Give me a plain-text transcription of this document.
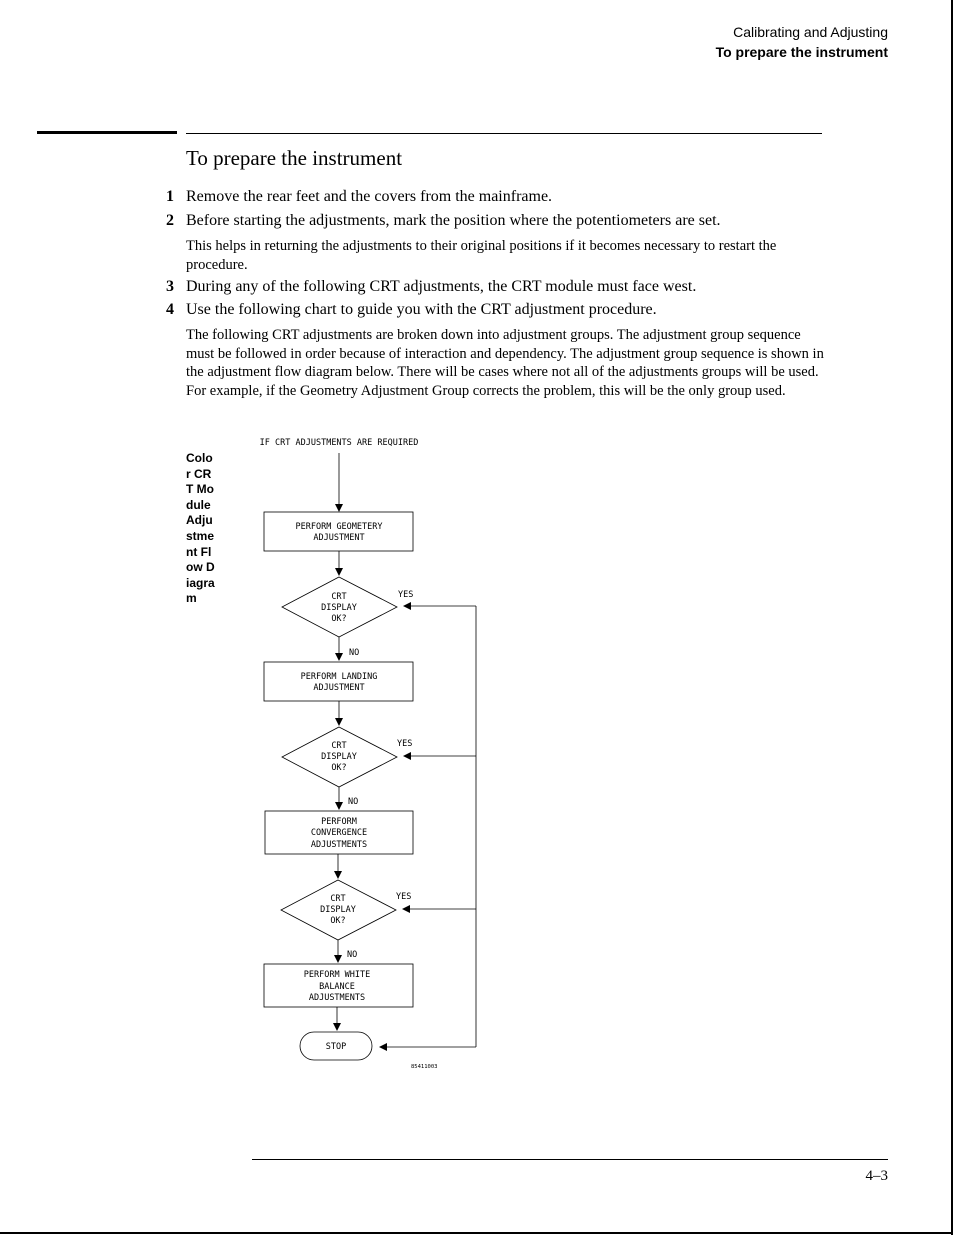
Calibrating and Adjusting
To prepare the instrument
To prepare the instrument
1 Remove the rear feet and the covers from the mainframe.
2 Before starting the adjustments, mark the position where the potentiometers are set.
This helps in returning the adjustments to their original positions if it becomes necessary to restart the procedure.
3 During any of the following CRT adjustments, the CRT module must face west.
4 Use the following chart to guide you with the CRT adjustment procedure.
The following CRT adjustments are broken down into adjustment groups. The adjustment group sequence must be followed in order because of interaction and dependency. The adjustment group sequence is shown in the adjustment flow diagram below. There will be cases where not all of the adjustments groups will be used. For example, if the Geometry Adjustment Group corrects the problem, this will be the only group used.
Color CRT Module Adjustment Flow Diagram
IF CRT ADJUSTMENTS ARE REQUIRED
PERFORM GEOMETERY
ADJUSTMENT
CRT
DISPLAY
OK?
YES
NO
PERFORM LANDING
ADJUSTMENT
CRT
DISPLAY
OK?
YES
NO
PERFORM
CONVERGENCE
ADJUSTMENTS
CRT
DISPLAY
OK?
YES
NO
PERFORM WHITE
BALANCE
ADJUSTMENTS
STOP
85411003
4–3
